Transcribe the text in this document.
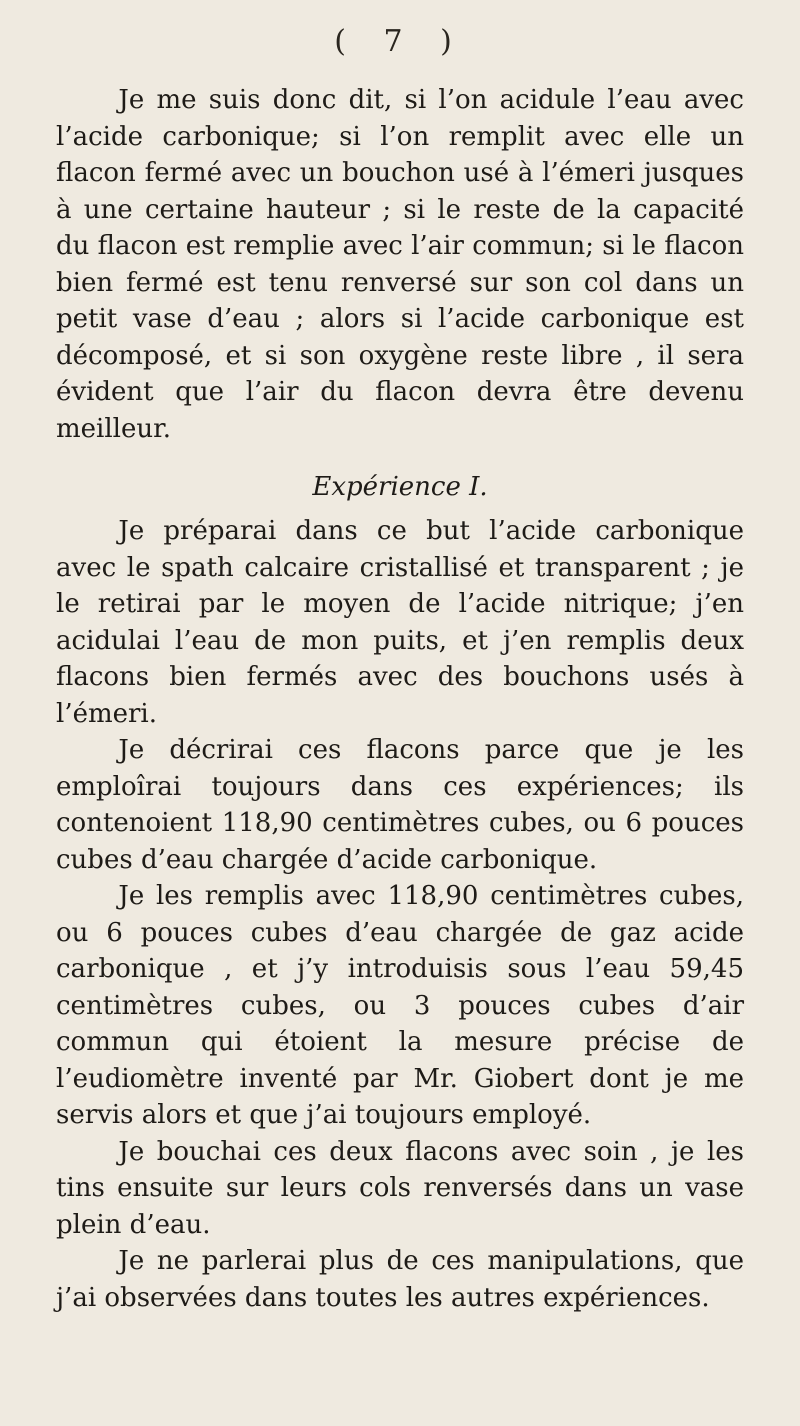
( 7 )

Je me suis donc dit, si l’on acidule l’eau avec l’acide carbonique; si l’on remplit avec elle un flacon fermé avec un bouchon usé à l’émeri jusques à une certaine hauteur ; si le reste de la capacité du flacon est remplie avec l’air commun; si le flacon bien fermé est tenu renversé sur son col dans un petit vase d’eau ; alors si l’acide carbonique est décomposé, et si son oxygène reste libre , il sera évident que l’air du flacon devra être devenu meilleur.

Expérience I.

Je préparai dans ce but l’acide carbonique avec le spath calcaire cristallisé et transparent ; je le retirai par le moyen de l’acide nitrique; j’en acidulai l’eau de mon puits, et j’en remplis deux flacons bien fermés avec des bouchons usés à l’émeri.

Je décrirai ces flacons parce que je les emploîrai toujours dans ces expériences; ils contenoient 118,90 centimètres cubes, ou 6 pouces cubes d’eau chargée d’acide carbonique.

Je les remplis avec 118,90 centimètres cubes, ou 6 pouces cubes d’eau chargée de gaz acide carbonique , et j’y introduisis sous l’eau 59,45 centimètres cubes, ou 3 pouces cubes d’air commun qui étoient la mesure précise de l’eudiomètre inventé par Mr. Giobert dont je me servis alors et que j’ai toujours employé.

Je bouchai ces deux flacons avec soin , je les tins ensuite sur leurs cols renversés dans un vase plein d’eau.

Je ne parlerai plus de ces manipulations, que j’ai observées dans toutes les autres expériences.
